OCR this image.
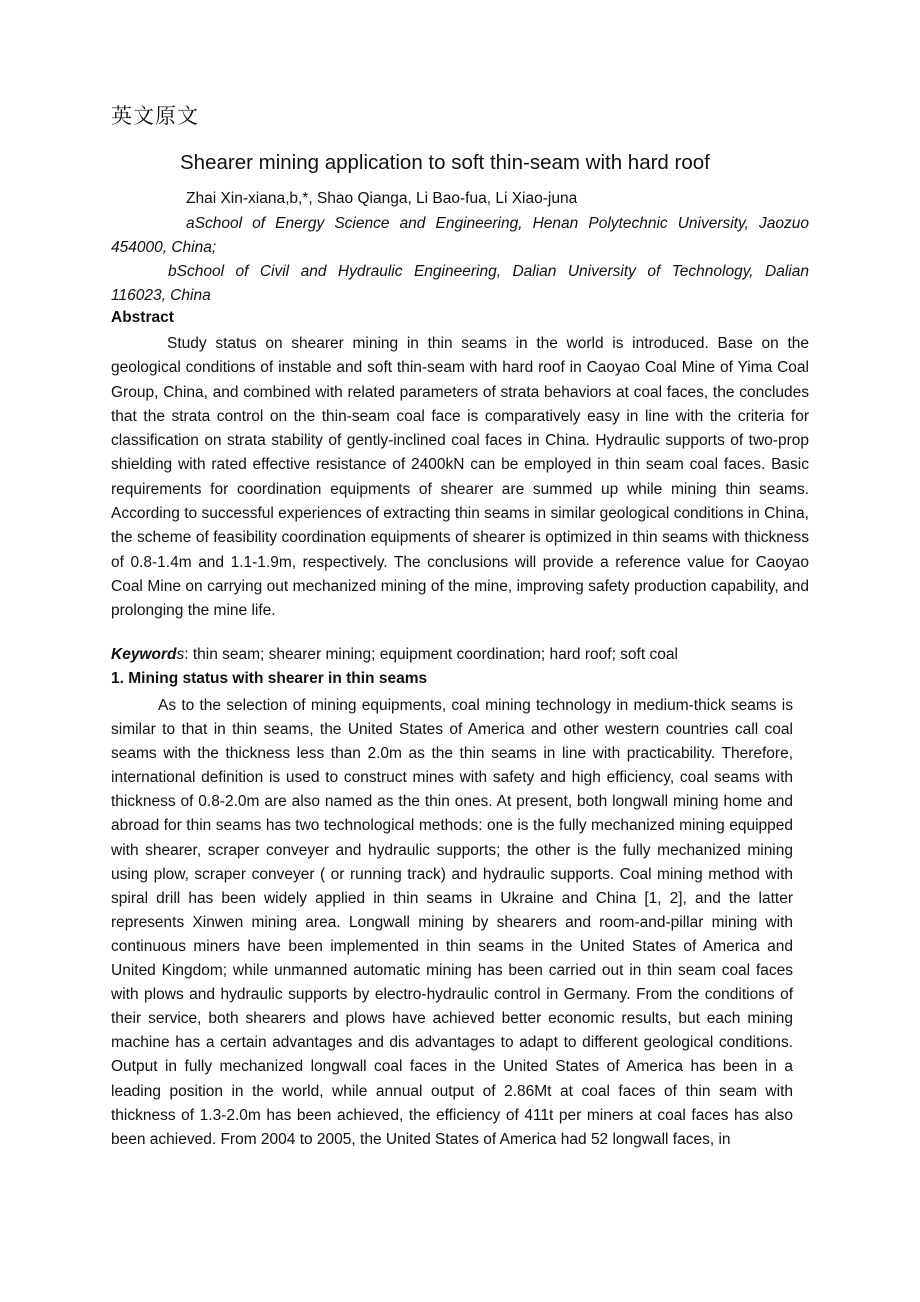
英文原文
Shearer mining application to soft thin-seam with hard roof
Zhai Xin-xiana,b,*, Shao Qianga, Li Bao-fua, Li Xiao-juna
aSchool of Energy Science and Engineering, Henan Polytechnic University, Jaozuo
454000, China;
bSchool of Civil and Hydraulic Engineering, Dalian University of Technology, Dalian
116023, China
Abstract

Study status on shearer mining in thin seams in the world is introduced. Base on the geological conditions of instable and soft thin-seam with hard roof in Caoyao Coal Mine of Yima Coal Group, China, and combined with related parameters of strata behaviors at coal faces, the concludes that the strata control on the thin-seam coal face is comparatively easy in line with the criteria for classification on strata stability of gently-inclined coal faces in China. Hydraulic supports of two-prop shielding with rated effective resistance of 2400kN can be employed in thin seam coal faces. Basic requirements for coordination equipments of shearer are summed up while mining thin seams. According to successful experiences of extracting thin seams in similar geological conditions in China, the scheme of feasibility coordination equipments of shearer is optimized in thin seams with thickness of 0.8-1.4m and 1.1-1.9m, respectively. The conclusions will provide a reference value for Caoyao Coal Mine on carrying out mechanized mining of the mine, improving safety production capability, and prolonging the mine life.

Keywords: thin seam; shearer mining; equipment coordination; hard roof; soft coal
1. Mining status with shearer in thin seams

As to the selection of mining equipments, coal mining technology in medium-thick seams is similar to that in thin seams, the United States of America and other western countries call coal seams with the thickness less than 2.0m as the thin seams in line with practicability. Therefore, international definition is used to construct mines with safety and high efficiency, coal seams with thickness of 0.8-2.0m are also named as the thin ones. At present, both longwall mining home and abroad for thin seams has two technological methods: one is the fully mechanized mining equipped with shearer, scraper conveyer and hydraulic supports; the other is the fully mechanized mining using plow, scraper conveyer ( or running track) and hydraulic supports. Coal mining method with spiral drill has been widely applied in thin seams in Ukraine and China [1, 2], and the latter represents Xinwen mining area. Longwall mining by shearers and room-and-pillar mining with continuous miners have been implemented in thin seams in the United States of America and United Kingdom; while unmanned automatic mining has been carried out in thin seam coal faces with plows and hydraulic supports by electro-hydraulic control in Germany. From the conditions of their service, both shearers and plows have achieved better economic results, but each mining machine has a certain advantages and dis advantages to adapt to different geological conditions. Output in fully mechanized longwall coal faces in the United States of America has been in a leading position in the world, while annual output of 2.86Mt at coal faces of thin seam with thickness of 1.3-2.0m has been achieved, the efficiency of 411t per miners at coal faces has also been achieved. From 2004 to 2005, the United States of America had 52 longwall faces, in
